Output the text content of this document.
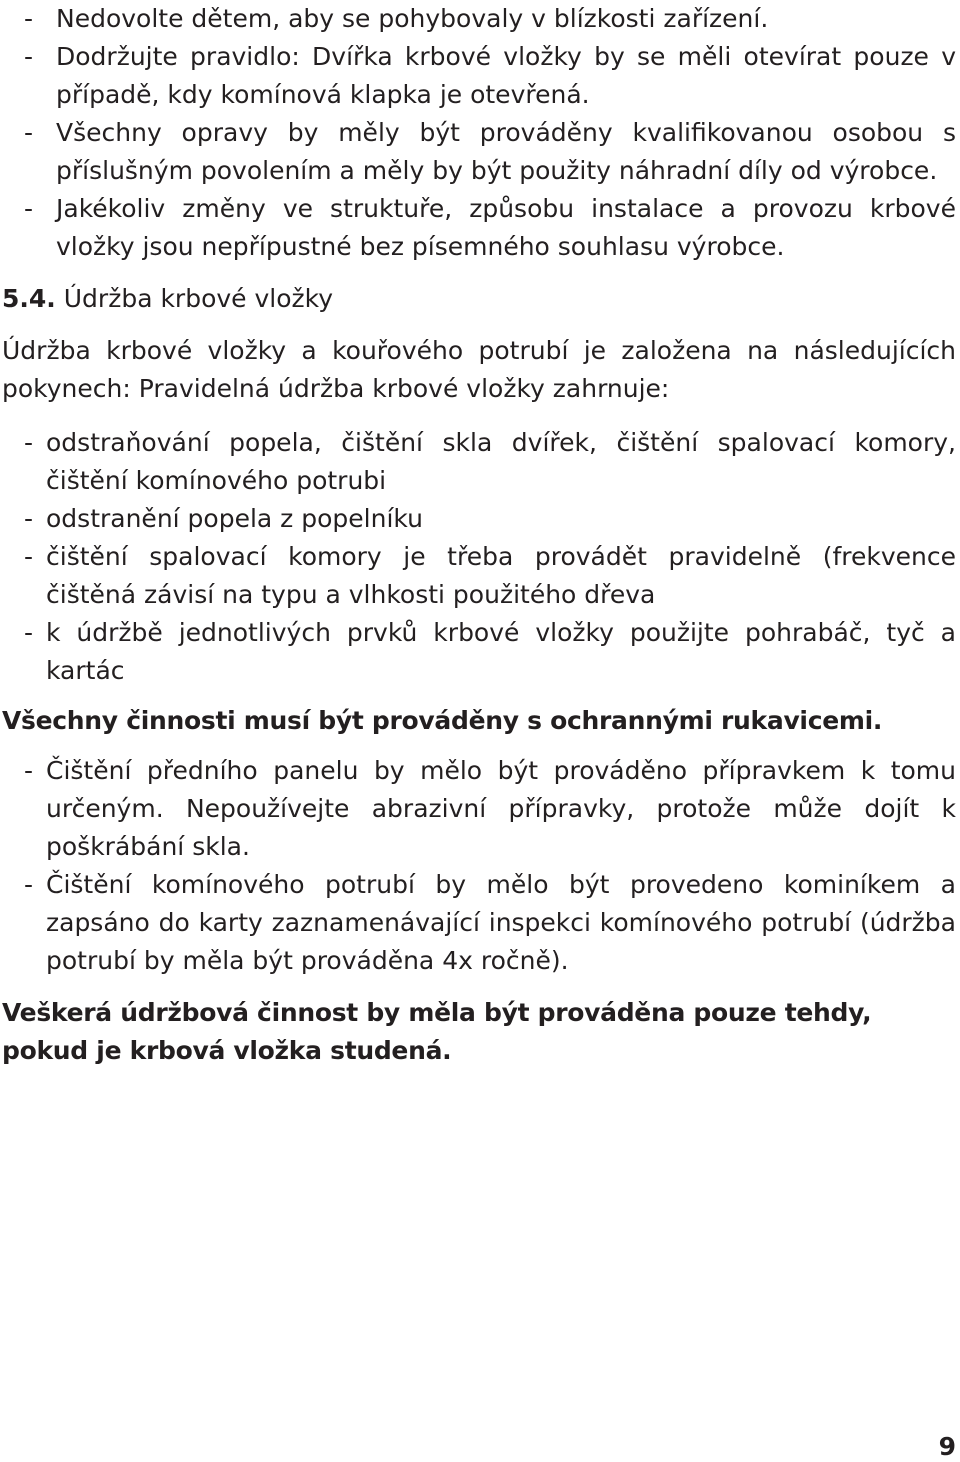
- Nedovolte dětem, aby se pohybovaly v blízkosti zařízení.
- Dodržujte pravidlo: Dvířka krbové vložky by se měli otevírat pouze v případě, kdy komínová klapka je otevřená.
- Všechny opravy by měly být prováděny kvalifikovanou osobou s příslušným povolením a měly by být použity náhradní díly od výrobce.
- Jakékoliv změny ve struktuře, způsobu instalace a provozu krbové vložky jsou nepřípustné bez písemného souhlasu výrobce.
5.4. Údržba krbové vložky

Údržba krbové vložky a kouřového potrubí je založena na následujících pokynech: Pravidelná údržba krbové vložky zahrnuje:

- odstraňování popela, čištění skla dvířek, čištění spalovací komory, čištění komínového potrubi
- odstranění popela z popelníku
- čištění spalovací komory je třeba provádět pravidelně (frekvence čištěná závisí na typu a vlhkosti použitého dřeva
- k údržbě jednotlivých prvků krbové vložky použijte pohrabáč, tyč a kartác
Všechny činnosti musí být prováděny s ochrannými rukavicemi.
- Čištění předního panelu by mělo být prováděno přípravkem k tomu určeným. Nepoužívejte abrazivní přípravky, protože může dojít k poškrábání skla.
- Čištění komínového potrubí by mělo být provedeno kominíkem a zapsáno do karty zaznamenávající inspekci komínového potrubí (údržba potrubí by měla být prováděna 4x ročně).
Veškerá údržbová činnost by měla být prováděna pouze tehdy, pokud je krbová vložka studená.
9
